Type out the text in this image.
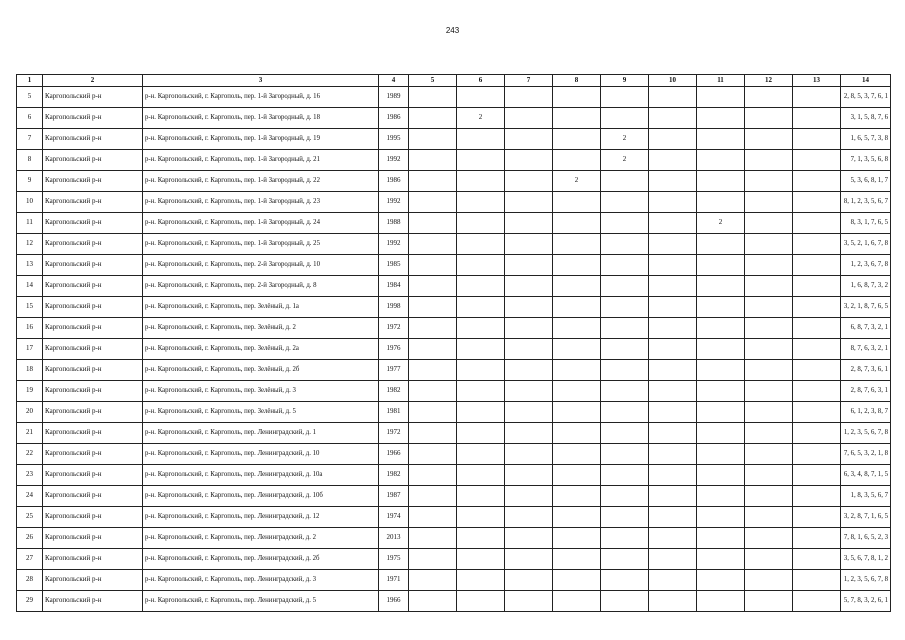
243
1	2	3	4	5	6	7	8	9	10	11	12	13	14
5	Каргопольский р-н	р-н. Каргопольский, г. Каргополь, пер. 1-й Загородный, д. 16	1989										2, 8, 5, 3, 7, 6, 1
6	Каргопольский р-н	р-н. Каргопольский, г. Каргополь, пер. 1-й Загородный, д. 18	1986		2								3, 1, 5, 8, 7, 6
7	Каргопольский р-н	р-н. Каргопольский, г. Каргополь, пер. 1-й Загородный, д. 19	1995					2					1, 6, 5, 7, 3, 8
8	Каргопольский р-н	р-н. Каргопольский, г. Каргополь, пер. 1-й Загородный, д. 21	1992					2					7, 1, 3, 5, 6, 8
9	Каргопольский р-н	р-н. Каргопольский, г. Каргополь, пер. 1-й Загородный, д. 22	1986				2						5, 3, 6, 8, 1, 7
10	Каргопольский р-н	р-н. Каргопольский, г. Каргополь, пер. 1-й Загородный, д. 23	1992										8, 1, 2, 3, 5, 6, 7
11	Каргопольский р-н	р-н. Каргопольский, г. Каргополь, пер. 1-й Загородный, д. 24	1988							2			8, 3, 1, 7, 6, 5
12	Каргопольский р-н	р-н. Каргопольский, г. Каргополь, пер. 1-й Загородный, д. 25	1992										3, 5, 2, 1, 6, 7, 8
13	Каргопольский р-н	р-н. Каргопольский, г. Каргополь, пер. 2-й Загородный, д. 10	1985										1, 2, 3, 6, 7, 8
14	Каргопольский р-н	р-н. Каргопольский, г. Каргополь, пер. 2-й Загородный, д. 8	1984										1, 6, 8, 7, 3, 2
15	Каргопольский р-н	р-н. Каргопольский, г. Каргополь, пер. Зелёный, д. 1а	1998										3, 2, 1, 8, 7, 6, 5
16	Каргопольский р-н	р-н. Каргопольский, г. Каргополь, пер. Зелёный, д. 2	1972										6, 8, 7, 3, 2, 1
17	Каргопольский р-н	р-н. Каргопольский, г. Каргополь, пер. Зелёный, д. 2а	1976										8, 7, 6, 3, 2, 1
18	Каргопольский р-н	р-н. Каргопольский, г. Каргополь, пер. Зелёный, д. 2б	1977										2, 8, 7, 3, 6, 1
19	Каргопольский р-н	р-н. Каргопольский, г. Каргополь, пер. Зелёный, д. 3	1982										2, 8, 7, 6, 3, 1
20	Каргопольский р-н	р-н. Каргопольский, г. Каргополь, пер. Зелёный, д. 5	1981										6, 1, 2, 3, 8, 7
21	Каргопольский р-н	р-н. Каргопольский, г. Каргополь, пер. Ленинградский, д. 1	1972										1, 2, 3, 5, 6, 7, 8
22	Каргопольский р-н	р-н. Каргопольский, г. Каргополь, пер. Ленинградский, д. 10	1966										7, 6, 5, 3, 2, 1, 8
23	Каргопольский р-н	р-н. Каргопольский, г. Каргополь, пер. Ленинградский, д. 10а	1982										6, 3, 4, 8, 7, 1, 5
24	Каргопольский р-н	р-н. Каргопольский, г. Каргополь, пер. Ленинградский, д. 10б	1987										1, 8, 3, 5, 6, 7
25	Каргопольский р-н	р-н. Каргопольский, г. Каргополь, пер. Ленинградский, д. 12	1974										3, 2, 8, 7, 1, 6, 5
26	Каргопольский р-н	р-н. Каргопольский, г. Каргополь, пер. Ленинградский, д. 2	2013										7, 8, 1, 6, 5, 2, 3
27	Каргопольский р-н	р-н. Каргопольский, г. Каргополь, пер. Ленинградский, д. 2б	1975										3, 5, 6, 7, 8, 1, 2
28	Каргопольский р-н	р-н. Каргопольский, г. Каргополь, пер. Ленинградский, д. 3	1971										1, 2, 3, 5, 6, 7, 8
29	Каргопольский р-н	р-н. Каргопольский, г. Каргополь, пер. Ленинградский, д. 5	1966										5, 7, 8, 3, 2, 6, 1
